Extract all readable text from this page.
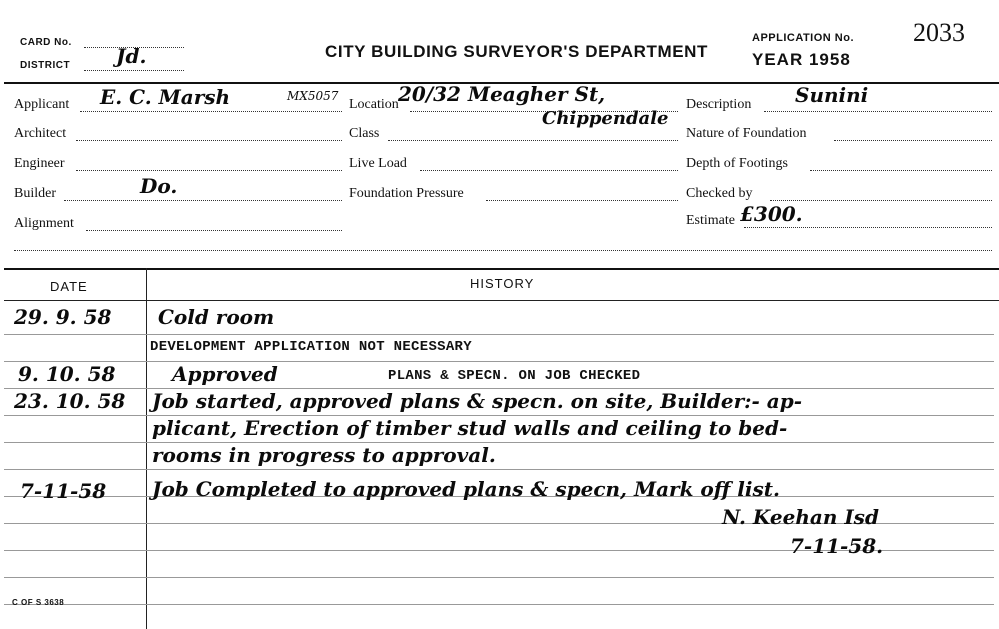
CARD No.
DISTRICT Jd.	CITY BUILDING SURVEYOR'S DEPARTMENT
APPLICATION No. 2033
YEAR 1958
Applicant E. C. Marsh	MX5057
Architect
Engineer
Builder	Do.
Alignment
Location 20/32 Meagher St,
Chippendale
Class
Live Load
Foundation Pressure
Description Sunini
Nature of Foundation
Depth of Footings
Checked by
Estimate £300.
DATE	HISTORY
29. 9. 58 Cold room
DEVELOPMENT APPLICATION NOT NECESSARY
9. 10. 58	Approved	PLANS & SPECN. ON JOB CHECKED
23. 10. 58 Job started, approved plans & specn. on site, Builder:- ap-
plicant, Erection of timber stud walls and ceiling to bed-
rooms in progress to approval.
7-11-58 Job Completed to approved plans & specn, Mark off list.
N. Keehan Isd
7-11-58.
C OF S 3638
